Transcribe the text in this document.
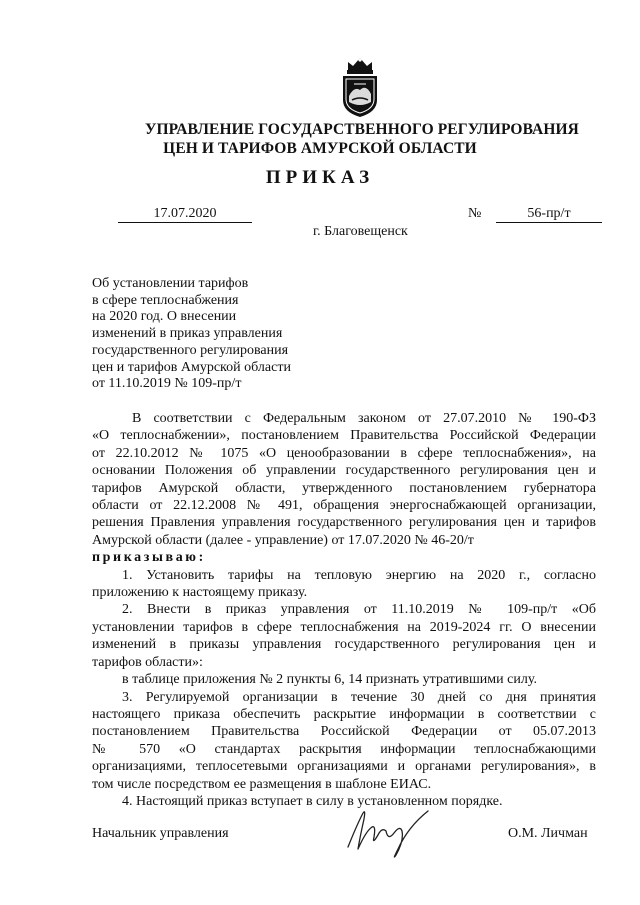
УПРАВЛЕНИЕ ГОСУДАРСТВЕННОГО РЕГУЛИРОВАНИЯ
ЦЕН И ТАРИФОВ АМУРСКОЙ ОБЛАСТИ
ПРИКАЗ
17.07.2020	№	56-пр/т
г. Благовещенск
Об установлении тарифов
в сфере теплоснабжения
на 2020 год. О внесении
изменений в приказ управления
государственного регулирования
цен и тарифов Амурской области
от 11.10.2019 № 109-пр/т
В соответствии с Федеральным законом от 27.07.2010 № 190-ФЗ
«О теплоснабжении», постановлением Правительства Российской Федерации
от 22.10.2012 № 1075 «О ценообразовании в сфере теплоснабжения», на
основании Положения об управлении государственного регулирования цен и
тарифов Амурской области, утвержденного постановлением губернатора
области от 22.12.2008 № 491, обращения энергоснабжающей организации,
решения Правления управления государственного регулирования цен и тарифов
Амурской области (далее - управление) от 17.07.2020 № 46-20/т
приказываю:
1. Установить тарифы на тепловую энергию на 2020 г., согласно
приложению к настоящему приказу.
2. Внести в приказ управления от 11.10.2019 № 109-пр/т «Об
установлении тарифов в сфере теплоснабжения на 2019-2024 гг. О внесении
изменений в приказы управления государственного регулирования цен и
тарифов области»:
в таблице приложения № 2 пункты 6, 14 признать утратившими силу.
3. Регулируемой организации в течение 30 дней со дня принятия
настоящего приказа обеспечить раскрытие информации в соответствии с
постановлением Правительства Российской Федерации от 05.07.2013
№ 570 «О стандартах раскрытия информации теплоснабжающими
организациями, теплосетевыми организациями и органами регулирования», в
том числе посредством ее размещения в шаблоне ЕИАС.
4. Настоящий приказ вступает в силу в установленном порядке.
Начальник управления	О.М. Личман
